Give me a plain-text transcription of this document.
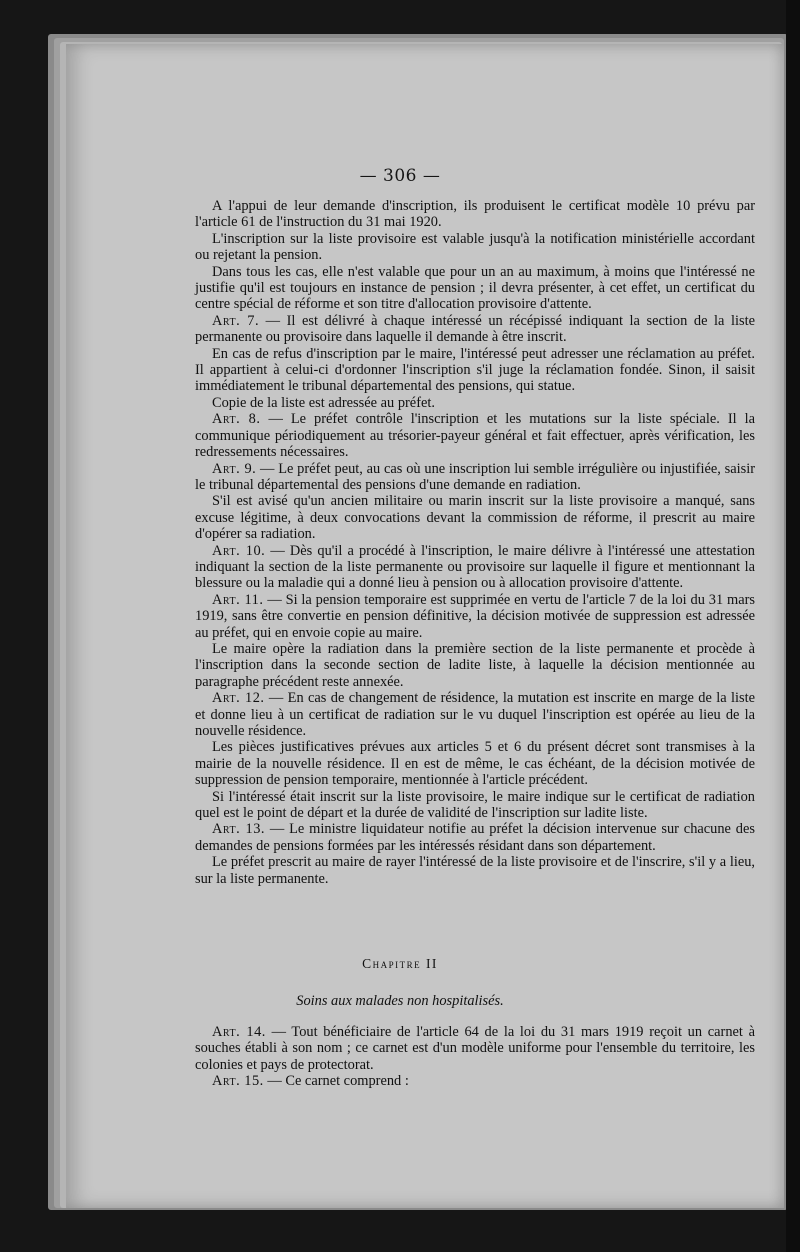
— 306 —

A l'appui de leur demande d'inscription, ils produisent le certificat modèle 10 prévu par l'article 61 de l'instruction du 31 mai 1920.

L'inscription sur la liste provisoire est valable jusqu'à la notification ministérielle accordant ou rejetant la pension.

Dans tous les cas, elle n'est valable que pour un an au maximum, à moins que l'intéressé ne justifie qu'il est toujours en instance de pension ; il devra présenter, à cet effet, un certificat du centre spécial de réforme et son titre d'allocation provisoire d'attente.

Art. 7. — Il est délivré à chaque intéressé un récépissé indiquant la section de la liste permanente ou provisoire dans laquelle il demande à être inscrit.

En cas de refus d'inscription par le maire, l'intéressé peut adresser une réclamation au préfet. Il appartient à celui-ci d'ordonner l'inscription s'il juge la réclamation fondée. Sinon, il saisit immédiatement le tribunal départemental des pensions, qui statue.

Copie de la liste est adressée au préfet.

Art. 8. — Le préfet contrôle l'inscription et les mutations sur la liste spéciale. Il la communique périodiquement au trésorier-payeur général et fait effectuer, après vérification, les redressements nécessaires.

Art. 9. — Le préfet peut, au cas où une inscription lui semble irrégulière ou injustifiée, saisir le tribunal départemental des pensions d'une demande en radiation.

S'il est avisé qu'un ancien militaire ou marin inscrit sur la liste provisoire a manqué, sans excuse légitime, à deux convocations devant la commission de réforme, il prescrit au maire d'opérer sa radiation.

Art. 10. — Dès qu'il a procédé à l'inscription, le maire délivre à l'intéressé une attestation indiquant la section de la liste permanente ou provisoire sur laquelle il figure et mentionnant la blessure ou la maladie qui a donné lieu à pension ou à allocation provisoire d'attente.

Art. 11. — Si la pension temporaire est supprimée en vertu de l'article 7 de la loi du 31 mars 1919, sans être convertie en pension définitive, la décision motivée de suppression est adressée au préfet, qui en envoie copie au maire.

Le maire opère la radiation dans la première section de la liste permanente et procède à l'inscription dans la seconde section de ladite liste, à laquelle la décision mentionnée au paragraphe précédent reste annexée.

Art. 12. — En cas de changement de résidence, la mutation est inscrite en marge de la liste et donne lieu à un certificat de radiation sur le vu duquel l'inscription est opérée au lieu de la nouvelle résidence.

Les pièces justificatives prévues aux articles 5 et 6 du présent décret sont transmises à la mairie de la nouvelle résidence. Il en est de même, le cas échéant, de la décision motivée de suppression de pension temporaire, mentionnée à l'article précédent.

Si l'intéressé était inscrit sur la liste provisoire, le maire indique sur le certificat de radiation quel est le point de départ et la durée de validité de l'inscription sur ladite liste.

Art. 13. — Le ministre liquidateur notifie au préfet la décision intervenue sur chacune des demandes de pensions formées par les intéressés résidant dans son département.

Le préfet prescrit au maire de rayer l'intéressé de la liste provisoire et de l'inscrire, s'il y a lieu, sur la liste permanente.

Chapitre II
Soins aux malades non hospitalisés.

Art. 14. — Tout bénéficiaire de l'article 64 de la loi du 31 mars 1919 reçoit un carnet à souches établi à son nom ; ce carnet est d'un modèle uniforme pour l'ensemble du territoire, les colonies et pays de protectorat.

Art. 15. — Ce carnet comprend :
